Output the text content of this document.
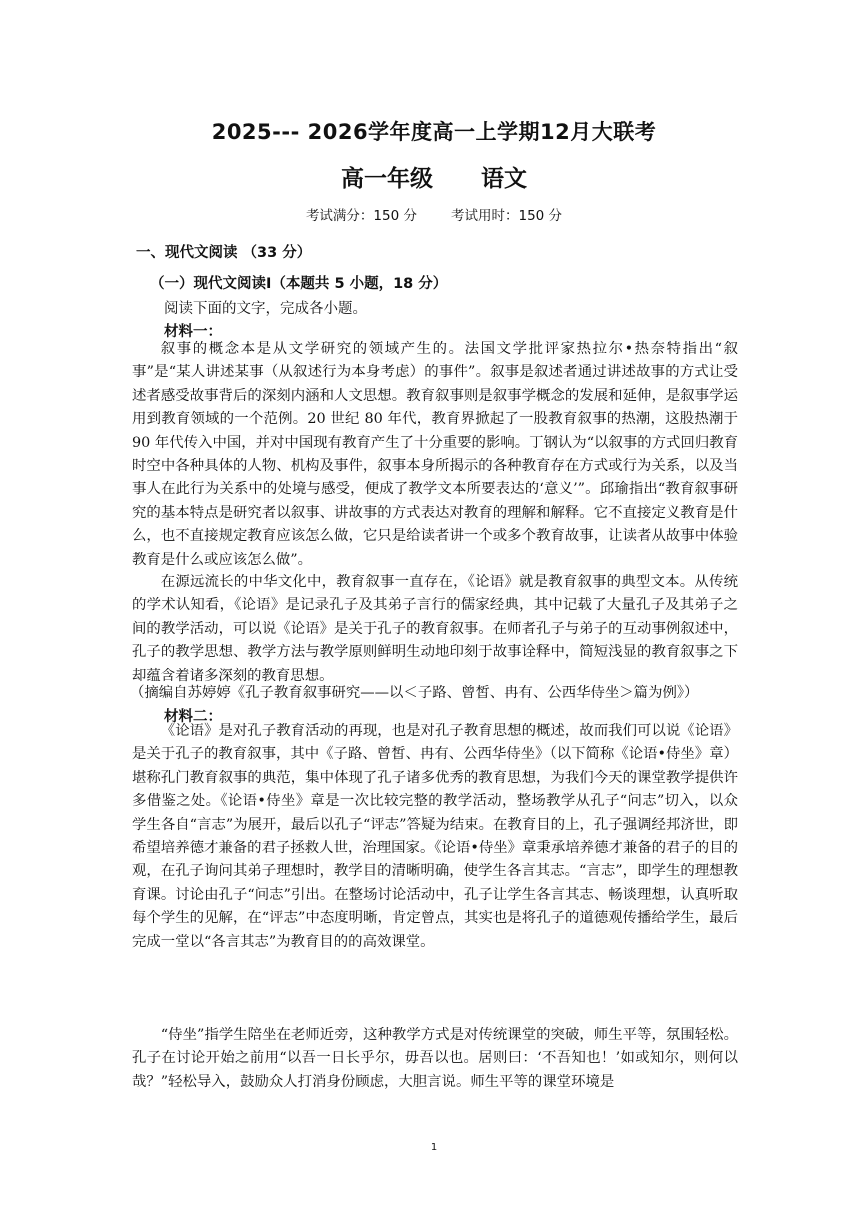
2025--- 2026学年度高一上学期12月大联考
高一年级 语文
考试满分：150 分	考试用时：150 分
一、现代文阅读 （33 分）
（一）现代文阅读Ⅰ（本题共 5 小题，18 分）
阅读下面的文字，完成各小题。
材料一：

叙事的概念本是从文学研究的领域产生的。法国文学批评家热拉尔•热奈特指出“叙事”是“某人讲述某事（从叙述行为本身考虑）的事件”。叙事是叙述者通过讲述故事的方式让受述者感受故事背后的深刻内涵和人文思想。教育叙事则是叙事学概念的发展和延伸，是叙事学运用到教育领域的一个范例。20 世纪 80 年代，教育界掀起了一股教育叙事的热潮，这股热潮于 90 年代传入中国，并对中国现有教育产生了十分重要的影响。丁钢认为“以叙事的方式回归教育时空中各种具体的人物、机构及事件，叙事本身所揭示的各种教育存在方式或行为关系，以及当事人在此行为关系中的处境与感受，便成了教学文本所要表达的‘意义’”。邱瑜指出“教育叙事研究的基本特点是研究者以叙事、讲故事的方式表达对教育的理解和解释。它不直接定义教育是什么，也不直接规定教育应该怎么做，它只是给读者讲一个或多个教育故事，让读者从故事中体验教育是什么或应该怎么做”。

在源远流长的中华文化中，教育叙事一直存在，《论语》就是教育叙事的典型文本。从传统的学术认知看，《论语》是记录孔子及其弟子言行的儒家经典，其中记载了大量孔子及其弟子之间的教学活动，可以说《论语》是关于孔子的教育叙事。在师者孔子与弟子的互动事例叙述中，孔子的教学思想、教学方法与教学原则鲜明生动地印刻于故事诠释中，简短浅显的教育叙事之下却蕴含着诸多深刻的教育思想。

（摘编自苏婷婷《孔子教育叙事研究——以＜子路、曾皙、冉有、公西华侍坐＞篇为例》）
材料二：

《论语》是对孔子教育活动的再现，也是对孔子教育思想的概述，故而我们可以说《论语》是关于孔子的教育叙事，其中《子路、曾皙、冉有、公西华侍坐》（以下简称《论语•侍坐》章）堪称孔门教育叙事的典范，集中体现了孔子诸多优秀的教育思想，为我们今天的课堂教学提供许多借鉴之处。《论语•侍坐》章是一次比较完整的教学活动，整场教学从孔子“问志”切入，以众学生各自“言志”为展开，最后以孔子“评志”答疑为结束。在教育目的上，孔子强调经邦济世，即希望培养德才兼备的君子拯救人世，治理国家。《论语•侍坐》章秉承培养德才兼备的君子的目的观，在孔子询问其弟子理想时，教学目的清晰明确，使学生各言其志。“言志”，即学生的理想教育课。讨论由孔子“问志”引出。在整场讨论活动中，孔子让学生各言其志、畅谈理想，认真听取每个学生的见解，在“评志”中态度明晰，肯定曾点，其实也是将孔子的道德观传播给学生，最后完成一堂以“各言其志”为教育目的的高效课堂。

“侍坐”指学生陪坐在老师近旁，这种教学方式是对传统课堂的突破，师生平等，氛围轻松。孔子在讨论开始之前用“以吾一日长乎尔，毋吾以也。居则曰：‘不吾知也！’如或知尔，则何以哉？”轻松导入，鼓励众人打消身份顾虑，大胆言说。师生平等的课堂环境是

1
